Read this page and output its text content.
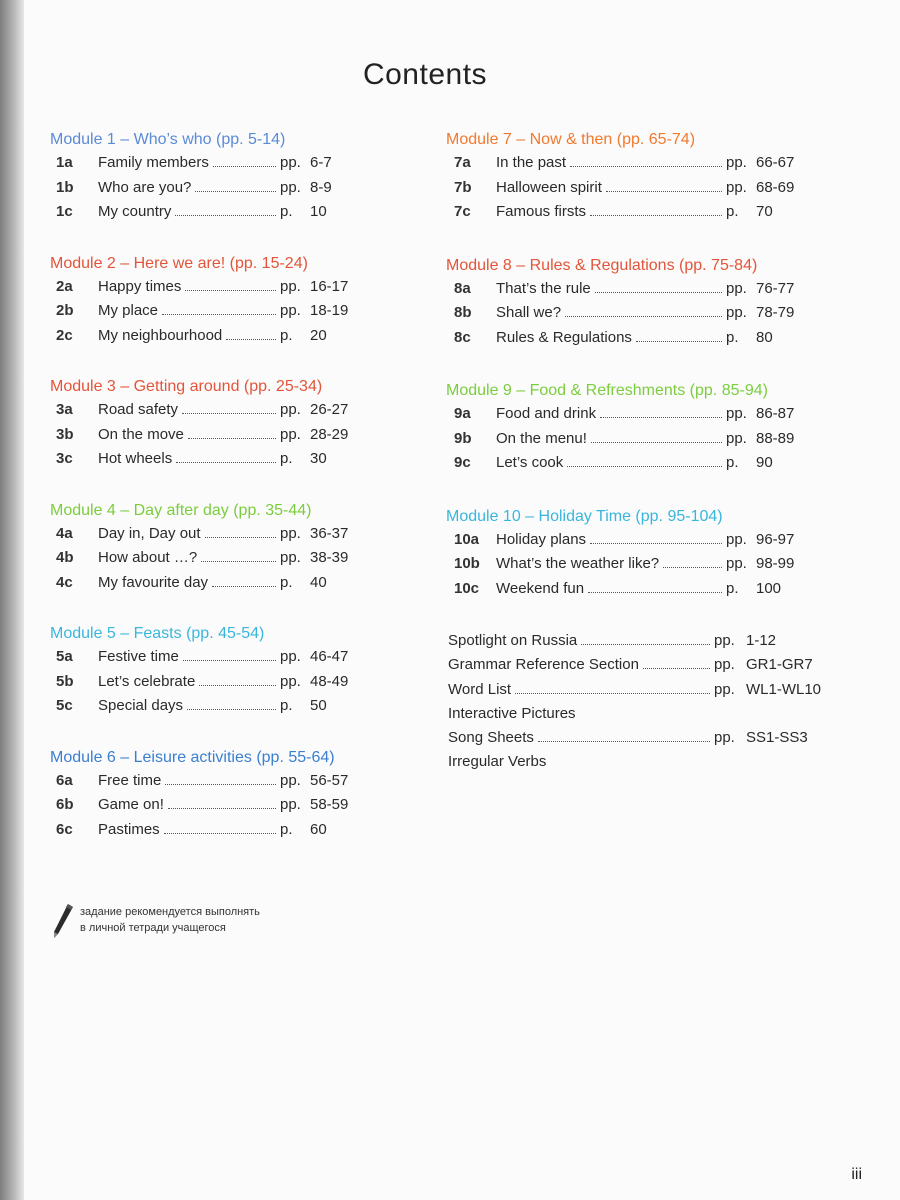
Contents
Module 1 – Who’s who (pp. 5-14)
1a	Family members	pp. 6-7
1b	Who are you?	pp. 8-9
1c	My country	p.	10
Module 2 – Here we are! (pp. 15-24)
2a	Happy times	pp. 16-17
2b	My place	pp. 18-19
2c	My neighbourhood	p.	20
Module 3 – Getting around (pp. 25-34)
3a	Road safety	pp. 26-27
3b	On the move	pp. 28-29
3c	Hot wheels	p.	30
Module 4 – Day after day (pp. 35-44)
4a	Day in, Day out	pp. 36-37
4b	How about …?	pp. 38-39
4c	My favourite day	p.	40
Module 5 – Feasts (pp. 45-54)
5a	Festive time	pp. 46-47
5b	Let’s celebrate	pp. 48-49
5c	Special days	p.	50
Module 6 – Leisure activities (pp. 55-64)
6a	Free time	pp. 56-57
6b	Game on!	pp. 58-59
6c	Pastimes	p.	60
Module 7 – Now & then (pp. 65-74)
7a	In the past	pp. 66-67
7b	Halloween spirit	pp. 68-69
7c	Famous firsts	p.	70
Module 8 – Rules & Regulations (pp. 75-84)
8a	That’s the rule	pp. 76-77
8b	Shall we?	pp. 78-79
8c	Rules & Regulations	p.	80
Module 9 – Food & Refreshments (pp. 85-94)
9a	Food and drink	pp. 86-87
9b	On the menu!	pp. 88-89
9c	Let’s cook	p.	90
Module 10 – Holiday Time (pp. 95-104)
10a	Holiday plans	pp. 96-97
10b	What’s the weather like?	pp. 98-99
10c	Weekend fun	p.	100
Spotlight on Russia	pp. 1-12
Grammar Reference Section	pp. GR1-GR7
Word List	pp. WL1-WL10
Interactive Pictures
Song Sheets	pp. SS1-SS3
Irregular Verbs
задание рекомендуется выполнять
в личной тетради учащегося
iii
